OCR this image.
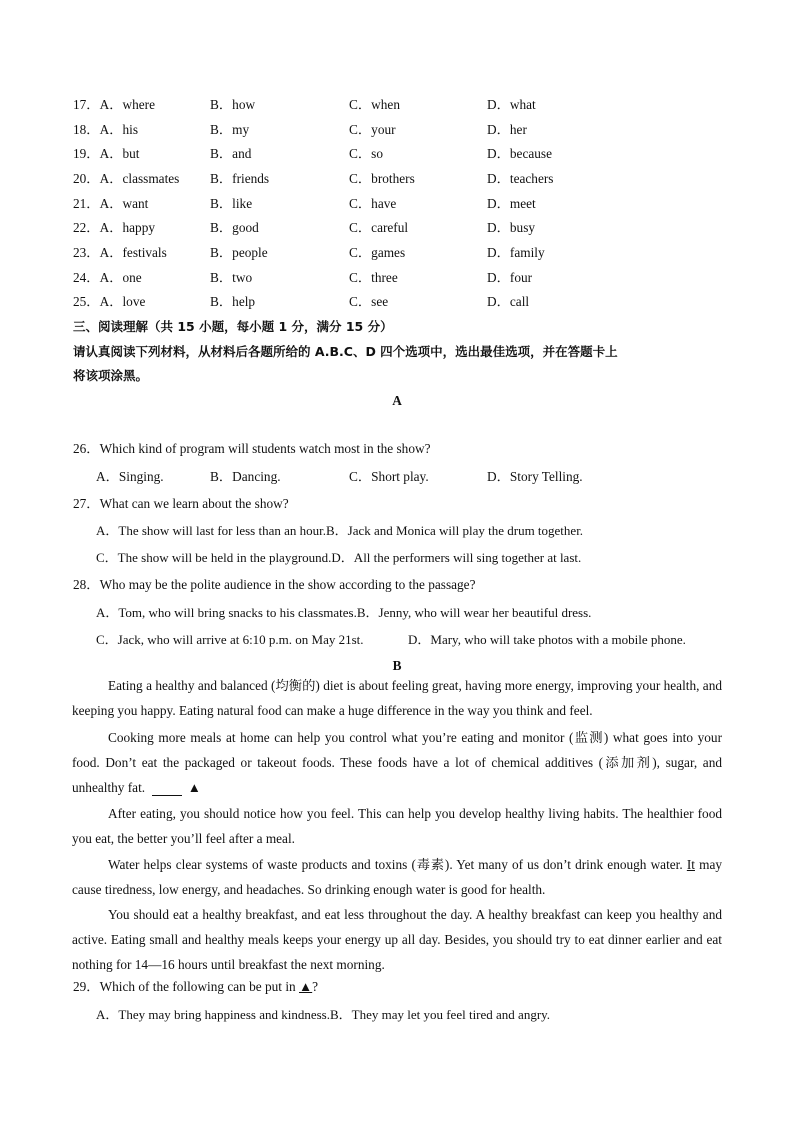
17．A．where	B．how	C．when	D．what
18．A．his	B．my	C．your	D．her
19．A．but	B．and	C．so	D．because
20．A．classmates B．friends	C．brothers	D．teachers
21．A．want	B．like	C．have	D．meet
22．A．happy	B．good	C．careful	D．busy
23．A．festivals	B．people	C．games	D．family
24．A．one	B．two	C．three	D．four
25．A．love	B．help	C．see	D．call
三、阅读理解（共 15 小题，每小题 1 分，满分 15 分）
请认真阅读下列材料，从材料后各题所给的 A.B.C、D 四个选项中，选出最佳选项，并在答题卡上
将该项涂黑。
A
26．Which kind of program will students watch most in the show?
A．Singing.	B．Dancing.	C．Short play.	D．Story Telling.
27．What can we learn about the show?
A．The show will last for less than an hour.B．Jack and Monica will play the drum together.
C．The show will be held in the playground.D．All the performers will sing together at last.
28．Who may be the polite audience in the show according to the passage?
A．Tom, who will bring snacks to his classmates.B．Jenny, who will wear her beautiful dress.
C．Jack, who will arrive at 6:10 p.m. on May 21st.	D．Mary, who will take photos with a mobile phone.
B
Eating a healthy and balanced (均衡的) diet is about feeling great, having more energy, improving your health, and keeping you happy. Eating natural food can make a huge difference in the way you think and feel.
Cooking more meals at home can help you control what you’re eating and monitor (监测) what goes into your food. Don’t eat the packaged or takeout foods. These foods have a lot of chemical additives (添加剂), sugar, and unhealthy fat.	▲
After eating, you should notice how you feel. This can help you develop healthy living habits. The healthier food you eat, the better you’ll feel after a meal.
Water helps clear systems of waste products and toxins (毒素). Yet many of us don’t drink enough water. It may cause tiredness, low energy, and headaches. So drinking enough water is good for health.
You should eat a healthy breakfast, and eat less throughout the day. A healthy breakfast can keep you healthy and active. Eating small and healthy meals keeps your energy up all day. Besides, you should try to eat dinner earlier and eat nothing for 14—16 hours until breakfast the next morning.
29．Which of the following can be put in ▲?
A．They may bring happiness and kindness.B．They may let you feel tired and angry.
